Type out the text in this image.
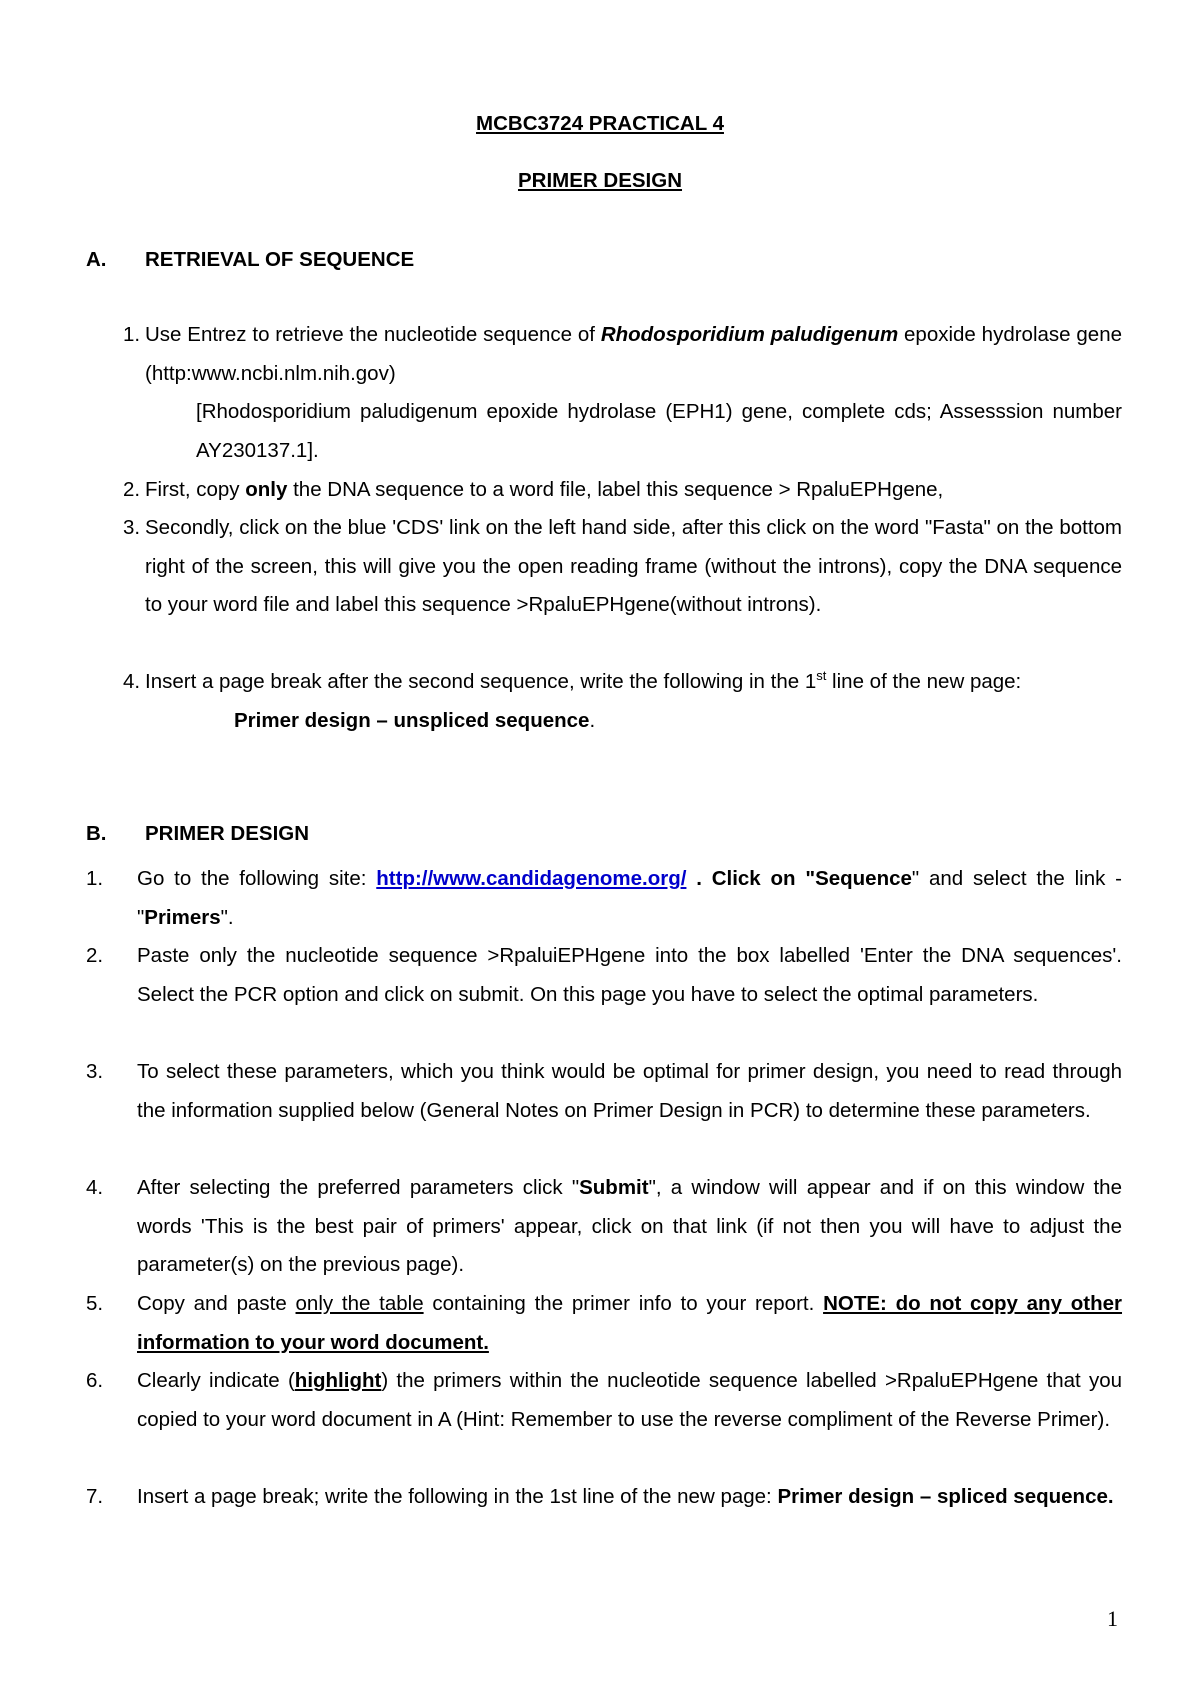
MCBC3724 PRACTICAL 4
PRIMER DESIGN
A. RETRIEVAL OF SEQUENCE
1. Use Entrez to retrieve the nucleotide sequence of Rhodosporidium paludigenum epoxide hydrolase gene (http:www.ncbi.nlm.nih.gov)
[Rhodosporidium paludigenum epoxide hydrolase (EPH1) gene, complete cds; Assesssion number AY230137.1].
2. First, copy only the DNA sequence to a word file, label this sequence > RpaluEPHgene,
3. Secondly, click on the blue 'CDS' link on the left hand side, after this click on the word "Fasta" on the bottom right of the screen, this will give you the open reading frame (without the introns), copy the DNA sequence to your word file and label this sequence >RpaluEPHgene(without introns).
4. Insert a page break after the second sequence, write the following in the 1st line of the new page:
Primer design – unspliced sequence.
B. PRIMER DESIGN
1. Go to the following site: http://www.candidagenome.org/ . Click on "Sequence" and select the link - "Primers".
2. Paste only the nucleotide sequence >RpaluiEPHgene into the box labelled 'Enter the DNA sequences'. Select the PCR option and click on submit. On this page you have to select the optimal parameters.
3. To select these parameters, which you think would be optimal for primer design, you need to read through the information supplied below (General Notes on Primer Design in PCR) to determine these parameters.
4. After selecting the preferred parameters click "Submit", a window will appear and if on this window the words 'This is the best pair of primers' appear, click on that link (if not then you will have to adjust the parameter(s) on the previous page).
5. Copy and paste only the table containing the primer info to your report. NOTE: do not copy any other information to your word document.
6. Clearly indicate (highlight) the primers within the nucleotide sequence labelled >RpaluEPHgene that you copied to your word document in A (Hint: Remember to use the reverse compliment of the Reverse Primer).
7. Insert a page break; write the following in the 1st line of the new page: Primer design – spliced sequence.
1
